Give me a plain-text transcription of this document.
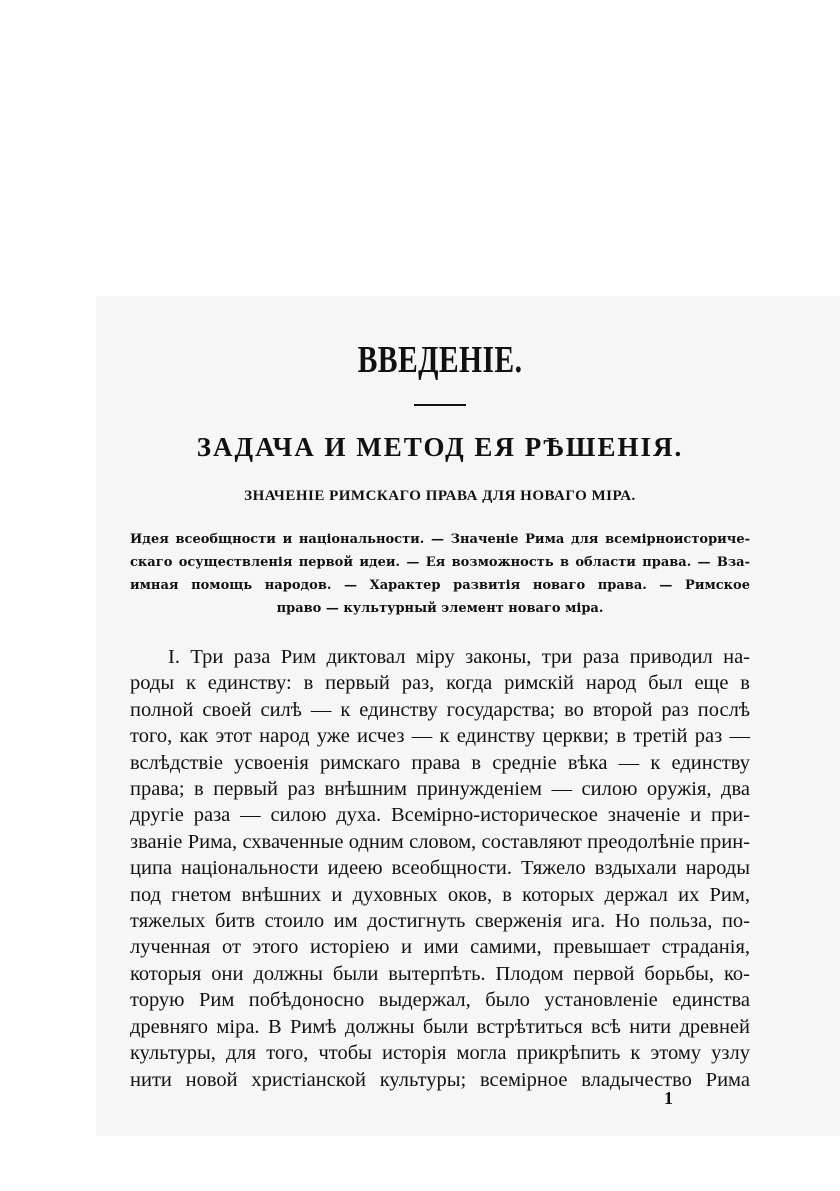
ВВЕДЕНІЕ.
ЗАДАЧА И МЕТОД ЕЯ РѢШЕНІЯ.
ЗНАЧЕНІЕ РИМСКАГО ПРАВА ДЛЯ НОВАГО МІРА.
Идея всеобщности и національности. — Значеніе Рима для всемірноисториче-
скаго осуществленія первой идеи. — Ея возможность в области права. — Вза-
имная помощь народов. — Характер развитія новаго права. — Римское
право — культурный элемент новаго міра.
I. Три раза Рим диктовал міру законы, три раза приводил на-
роды к единству: в первый раз, когда римскій народ был еще в
полной своей силѣ — к единству государства; во второй раз послѣ
того, как этот народ уже исчез — к единству церкви; в третій раз —
вслѣдствіе усвоенія римскаго права в средніе вѣка — к единству
права; в первый раз внѣшним принужденіем — силою оружія, два
другіе раза — силою духа. Всемірно-историческое значеніе и при-
званіе Рима, схваченные одним словом, составляют преодолѣніе прин-
ципа національности идеею всеобщности. Тяжело вздыхали народы
под гнетом внѣшних и духовных оков, в которых держал их Рим,
тяжелых битв стоило им достигнуть сверженія ига. Но польза, по-
лученная от этого исторіею и ими самими, превышает страданія,
которыя они должны были вытерпѣть. Плодом первой борьбы, ко-
торую Рим побѣдоносно выдержал, было установленіе единства
древняго міра. В Римѣ должны были встрѣтиться всѣ нити древней
культуры, для того, чтобы исторія могла прикрѣпить к этому узлу
нити новой христіанской культуры; всемірное владычество Рима
1
